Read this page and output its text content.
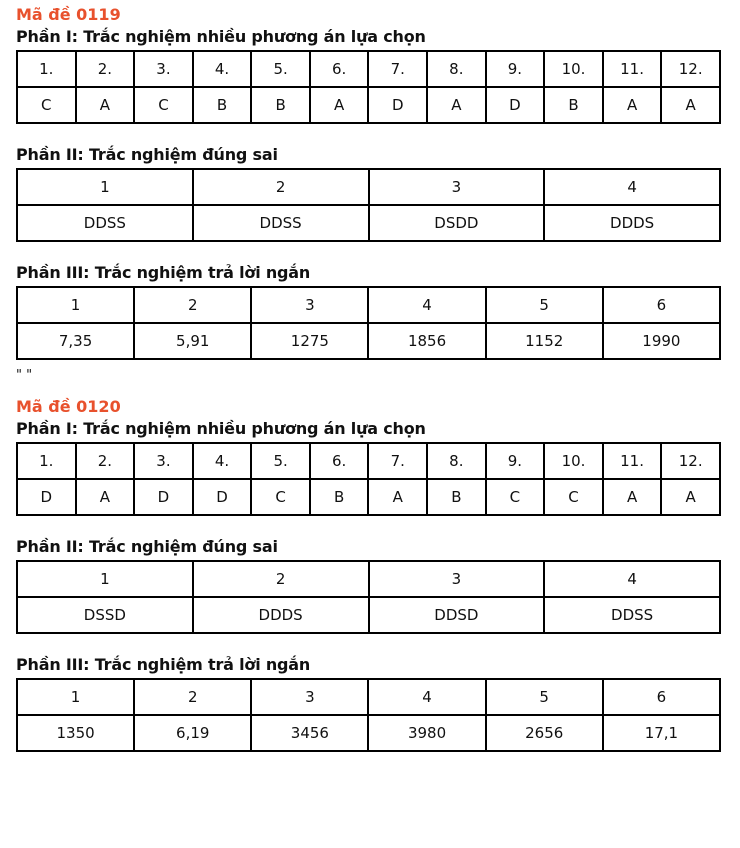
Mã đề 0119
Phần I: Trắc nghiệm nhiều phương án lựa chọn
1.	2.	3.	4.	5.	6.	7.	8.	9.	10.	11.	12.
C	A	C	B	B	A	D	A	D	B	A	A
Phần II: Trắc nghiệm đúng sai
1	2	3	4
DDSS	DDSS	DSDD	DDDS
Phần III: Trắc nghiệm trả lời ngắn
1	2	3	4	5	6
7,35	5,91	1275	1856	1152	1990
" "
Mã đề 0120
Phần I: Trắc nghiệm nhiều phương án lựa chọn
1.	2.	3.	4.	5.	6.	7.	8.	9.	10.	11.	12.
D	A	D	D	C	B	A	B	C	C	A	A
Phần II: Trắc nghiệm đúng sai
1	2	3	4
DSSD	DDDS	DDSD	DDSS
Phần III: Trắc nghiệm trả lời ngắn
1	2	3	4	5	6
1350	6,19	3456	3980	2656	17,1
